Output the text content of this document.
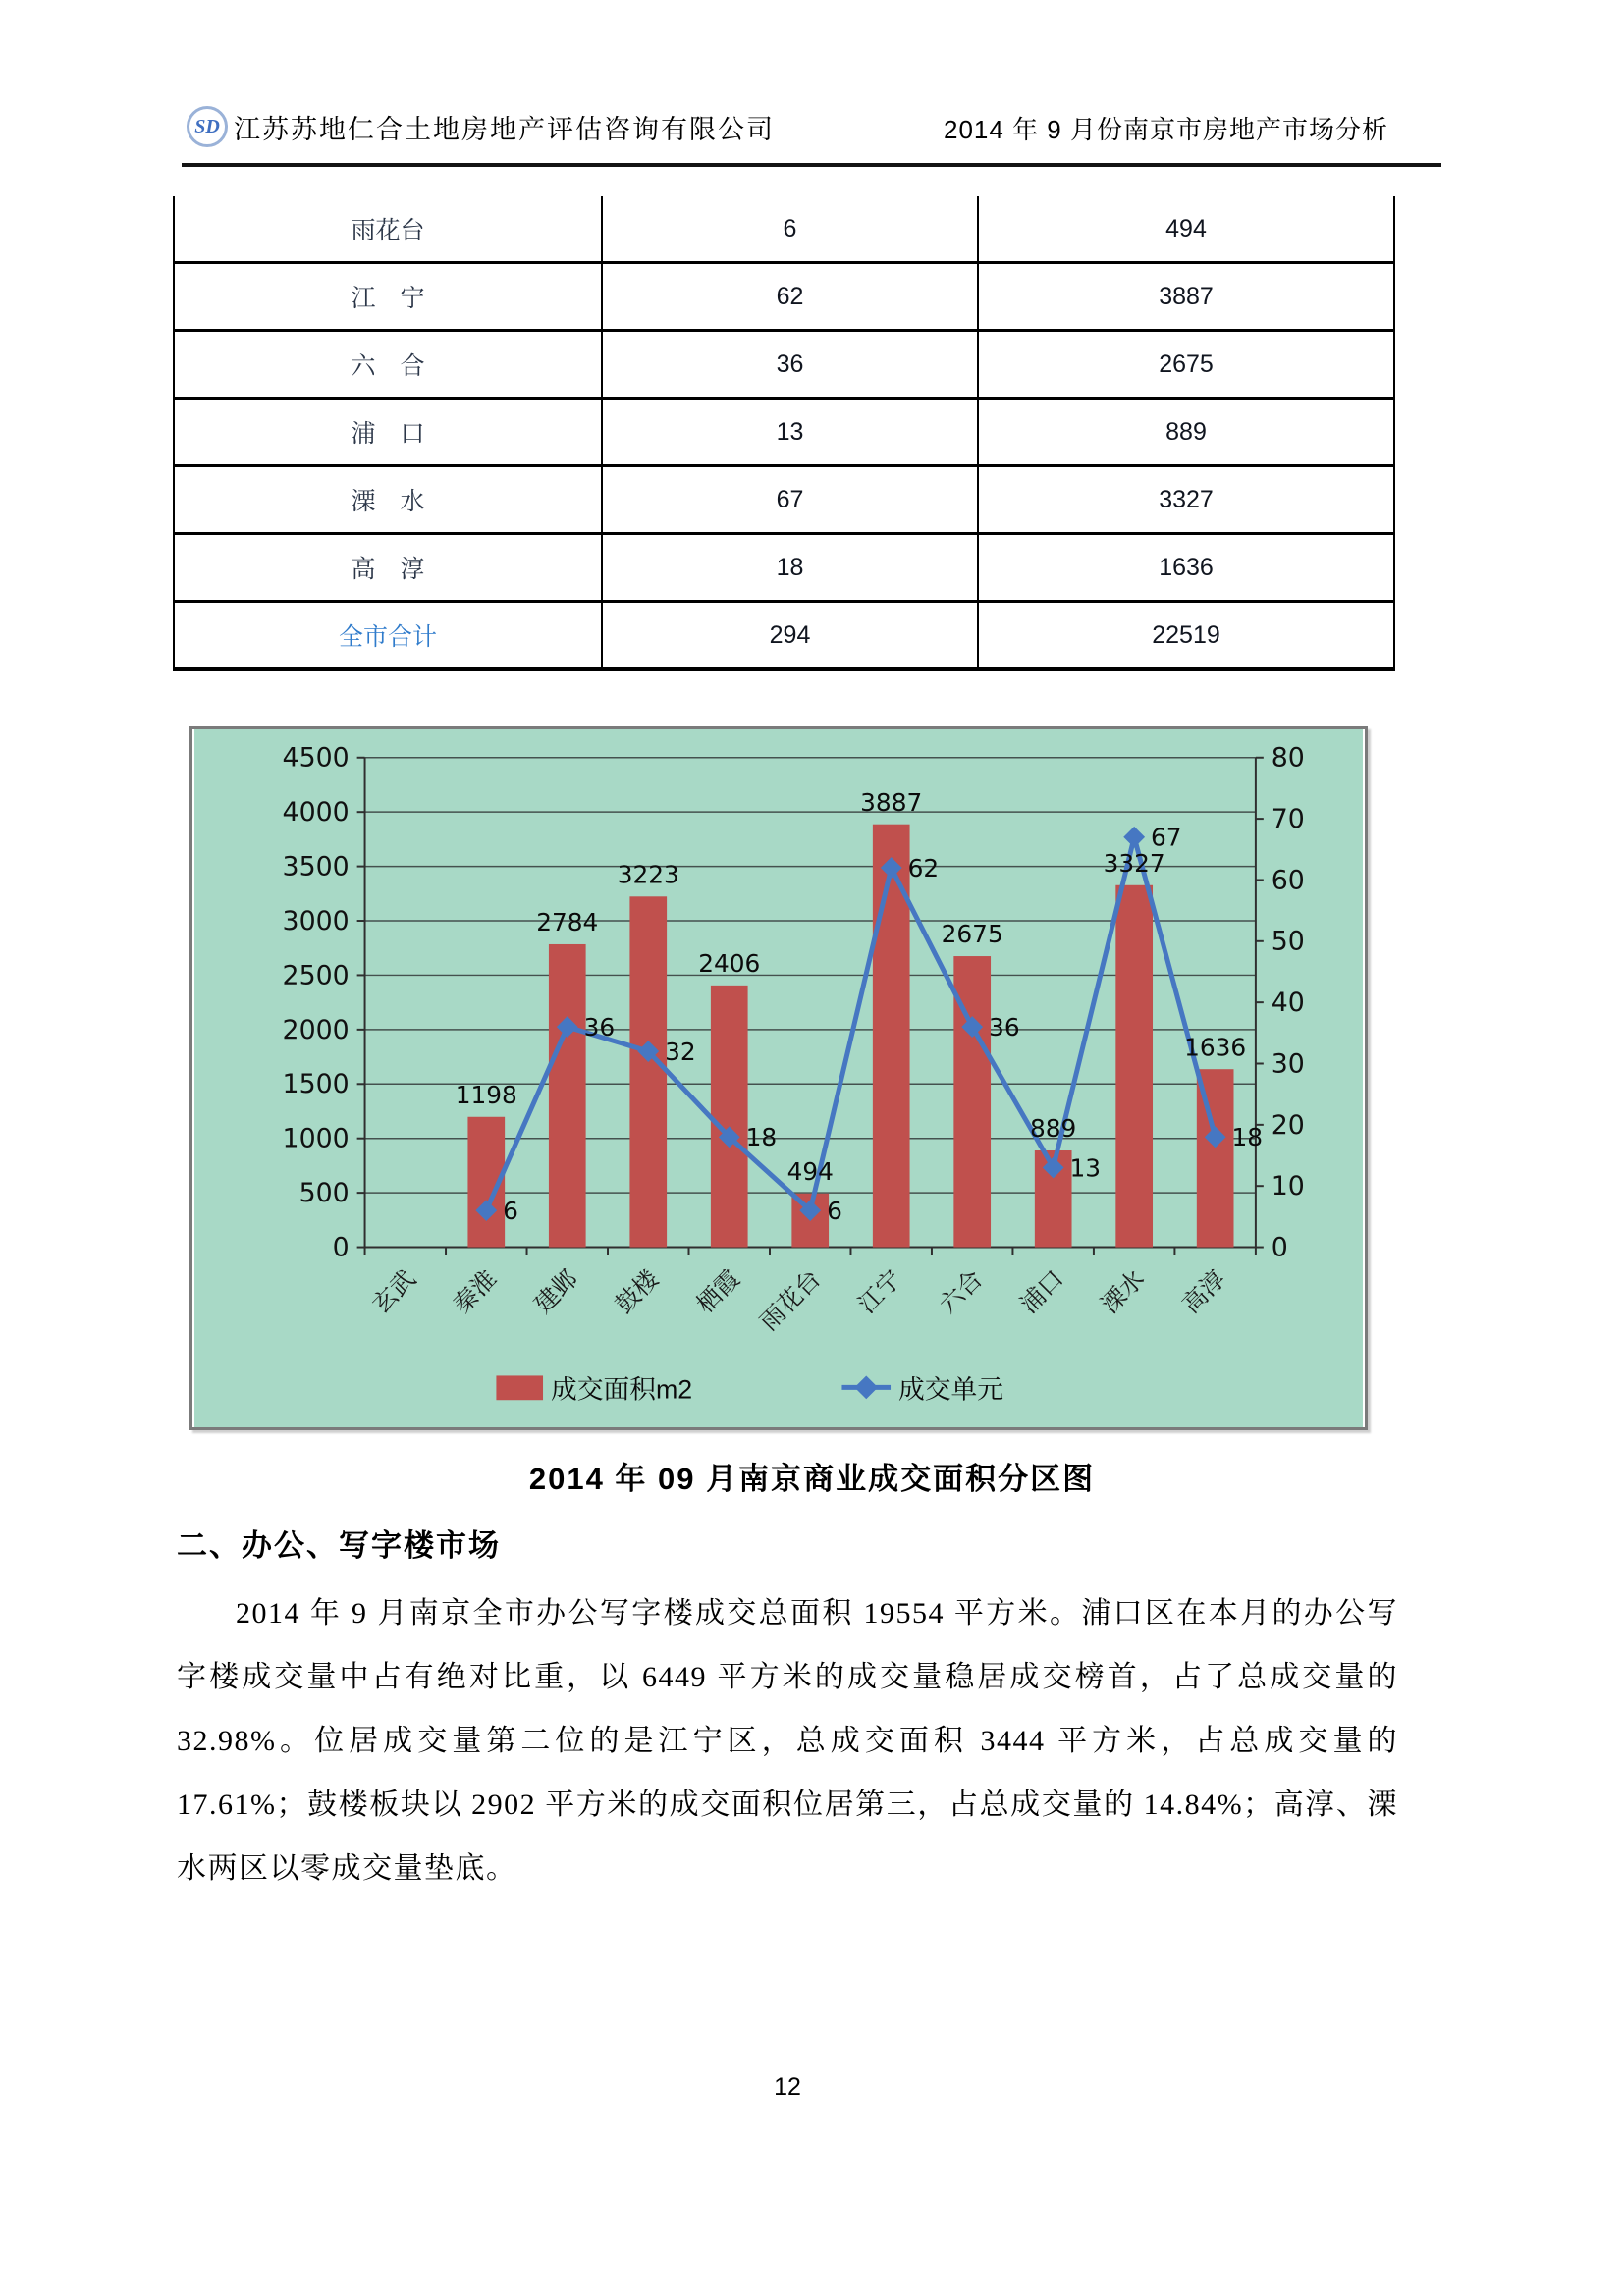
SD 江苏苏地仁合土地房地产评估咨询有限公司	2014 年 9 月份南京市房地产市场分析
雨花台	6	494
江　宁	62	3887
六　合	36	2675
浦　口	13	889
溧　水	67	3327
高　淳	18	1636
全市合计	294	22519
0
500
1000
1500
2000
2500
3000
3500
4000
4500
0
10
20
30
40
50
60
70
80
玄武 秦淮 建邺 鼓楼 栖霞 雨花台 江宁 六合 浦口 溧水 高淳
1198
2784
3223
2406
494
3887
2675
889
3327
1636
6
36
32
18
6
62
36
13
67
18
成交面积m2	成交单元
2014 年 09 月南京商业成交面积分区图
二、办公、写字楼市场
2014 年 9 月南京全市办公写字楼成交总面积 19554 平方米。浦口区在本月的办公写字楼成交量中占有绝对比重，以 6449 平方米的成交量稳居成交榜首，占了总成交量的 32.98%。位居成交量第二位的是江宁区，总成交面积 3444 平方米，占总成交量的 17.61%；鼓楼板块以 2902 平方米的成交面积位居第三，占总成交量的 14.84%；高淳、溧水两区以零成交量垫底。
12
